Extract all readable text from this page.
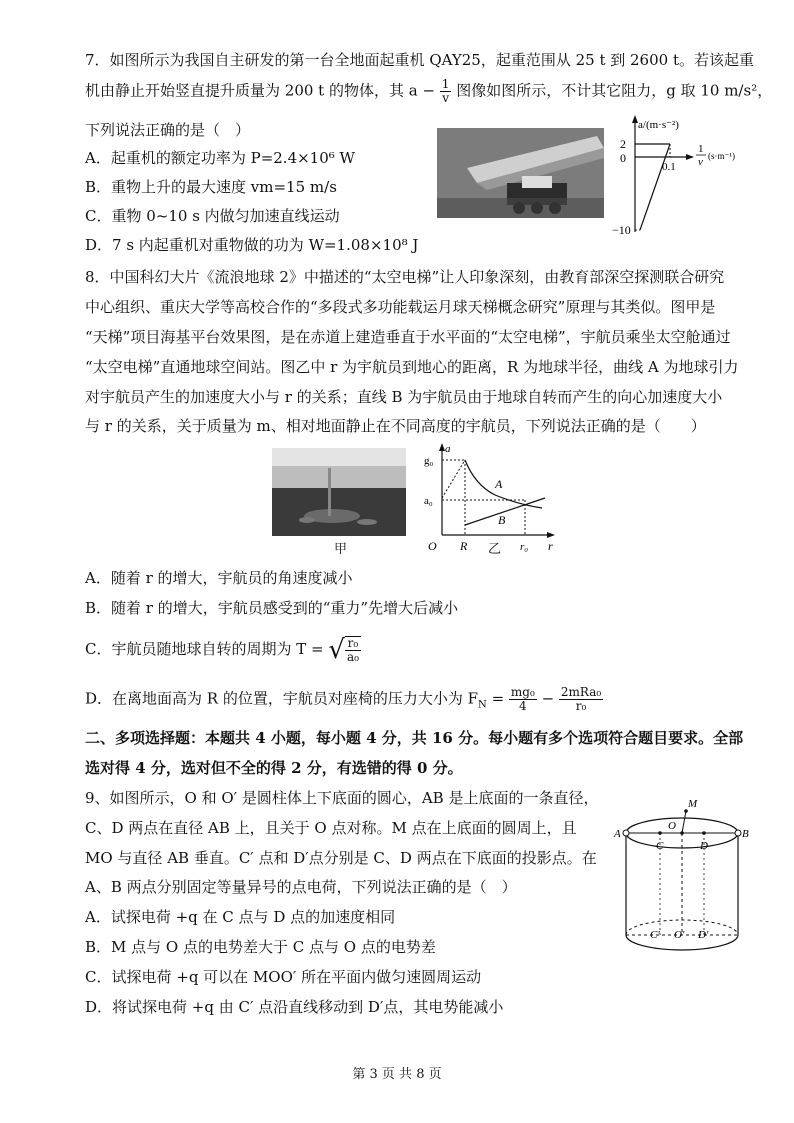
7．如图所示为我国自主研发的第一台全地面起重机 QAY25，起重范围从 25 t 到 2600 t。若该起重
机由静止开始竖直提升质量为 200 t 的物体，其 $a - \frac{1}{v}$ 图像如图所示，不计其它阻力，g 取 10 m/s²，
下列说法正确的是（　）
A．起重机的额定功率为 P=2.4×10⁶ W
B．重物上升的最大速度 vm=15 m/s
C．重物 0~10 s 内做匀加速直线运动
D．7 s 内起重机对重物做的功为 W=1.08×10⁸ J
a/(m·s⁻²)
2
0
0.1
1
v (s·m⁻¹)
−10
8．中国科幻大片《流浪地球 2》中描述的“太空电梯”让人印象深刻，由教育部深空探测联合研究
中心组织、重庆大学等高校合作的“多段式多功能载运月球天梯概念研究”原理与其类似。图甲是
“天梯”项目海基平台效果图，是在赤道上建造垂直于水平面的“太空电梯”，宇航员乘坐太空舱通过
“太空电梯”直通地球空间站。图乙中 r 为宇航员到地心的距离，R 为地球半径，曲线 A 为地球引力
对宇航员产生的加速度大小与 r 的关系；直线 B 为宇航员由于地球自转而产生的向心加速度大小
与 r 的关系，关于质量为 m、相对地面静止在不同高度的宇航员，下列说法正确的是（　　）
甲
a
g₀
a₀
O R	r₀ r
A
B
乙
A．随着 r 的增大，宇航员的角速度减小
B．随着 r 的增大，宇航员感受到的“重力”先增大后减小
C．宇航员随地球自转的周期为 T = √ $\frac{\text{r₀}}{\text{a₀}}$
D．在离地面高为 R 的位置，宇航员对座椅的压力大小为 $F_N = \frac{\text{mg₀}}{4} - \frac{\text{2mRa₀}}{\text{r₀}}$
二、多项选择题：本题共 4 小题，每小题 4 分，共 16 分。每小题有多个选项符合题目要求。全部
选对得 4 分，选对但不全的得 2 分，有选错的得 0 分。
9、如图所示，O 和 O′ 是圆柱体上下底面的圆心，AB 是上底面的一条直径，
C、D 两点在直径 AB 上，且关于 O 点对称。M 点在上底面的圆周上，且
MO 与直径 AB 垂直。C′ 点和 D′点分别是 C、D 两点在下底面的投影点。在
A、B 两点分别固定等量异号的点电荷，下列说法正确的是（　）
A．试探电荷 +q 在 C 点与 D 点的加速度相同
B．M 点与 O 点的电势差大于 C 点与 O 点的电势差
C．试探电荷 +q 可以在 MOO′ 所在平面内做匀速圆周运动
D．将试探电荷 +q 由 C′ 点沿直线移动到 D′点，其电势能减小
M
O
A	B
C	D
C′ O′ D′
第 3 页 共 8 页
